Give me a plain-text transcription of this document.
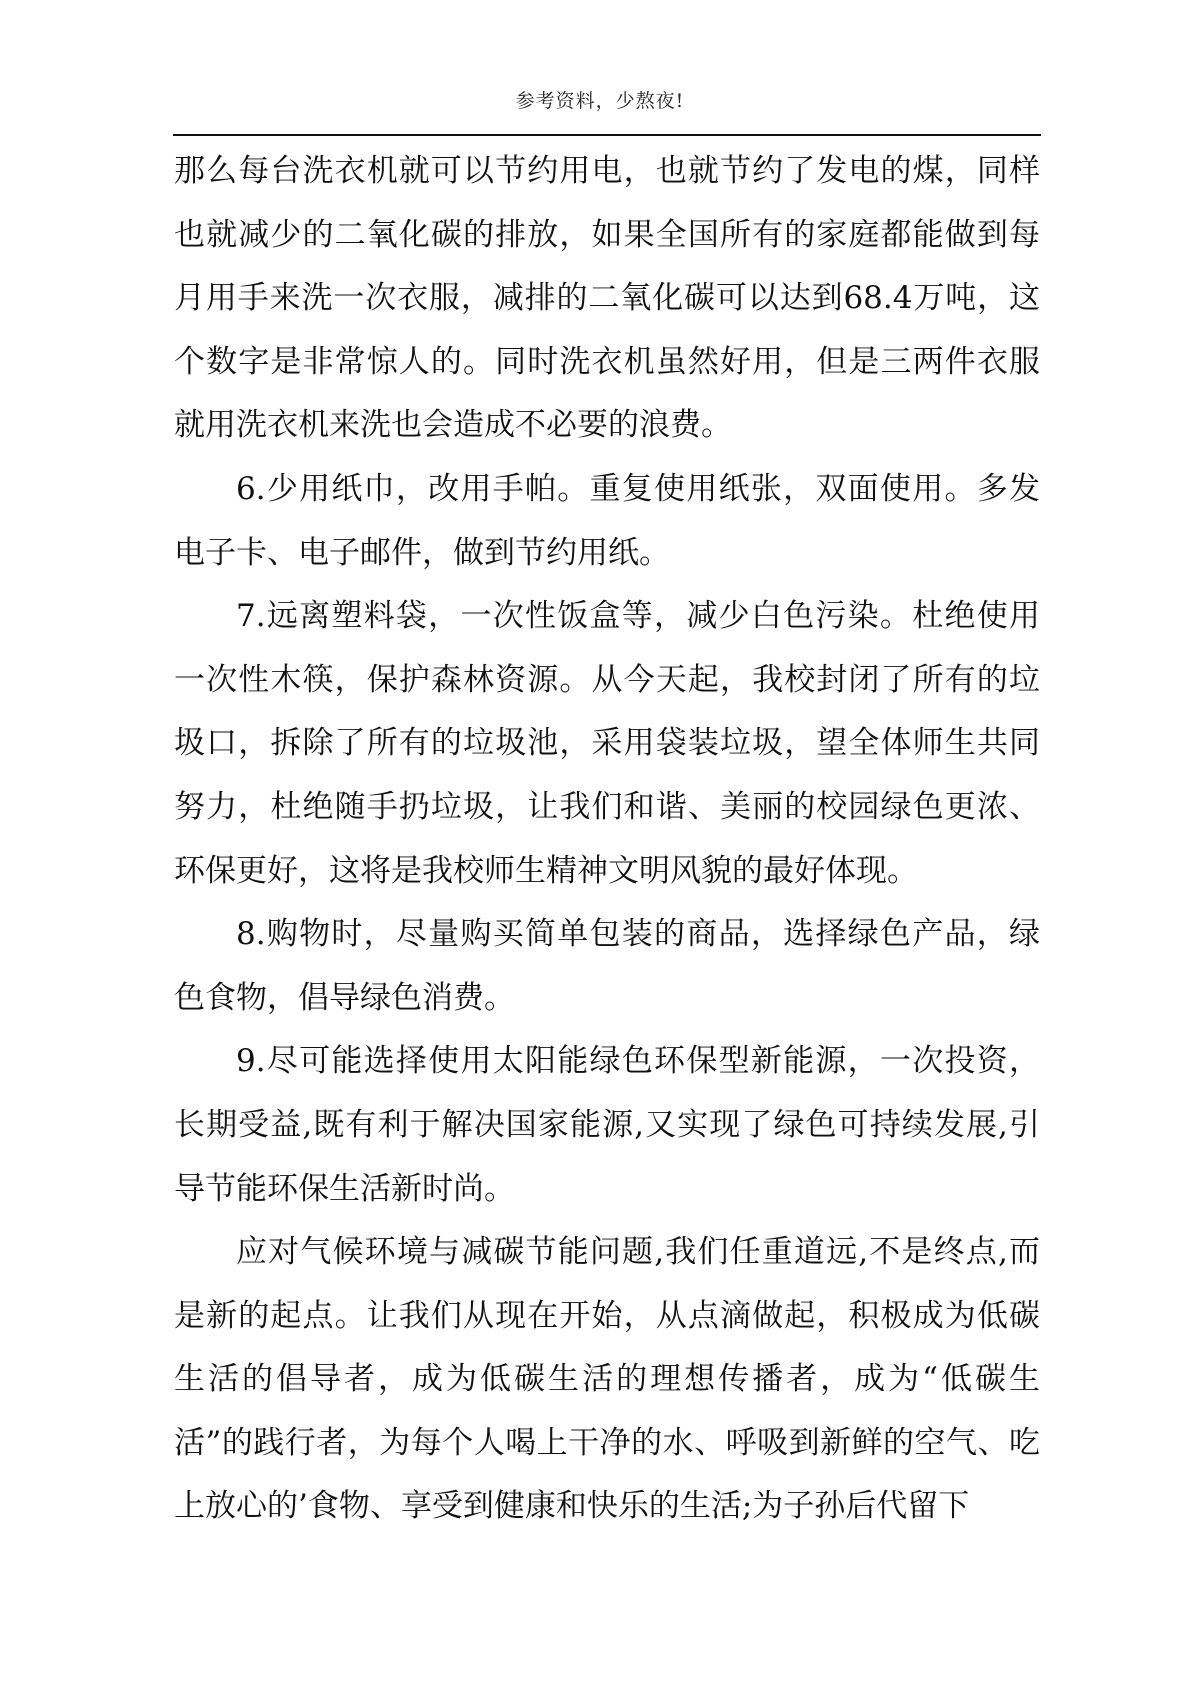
参考资料，少熬夜!

那么每台洗衣机就可以节约用电，也就节约了发电的煤，同样也就减少的二氧化碳的排放，如果全国所有的家庭都能做到每月用手来洗一次衣服，减排的二氧化碳可以达到68.4万吨，这个数字是非常惊人的。同时洗衣机虽然好用，但是三两件衣服就用洗衣机来洗也会造成不必要的浪费。

6.少用纸巾，改用手帕。重复使用纸张，双面使用。多发电子卡、电子邮件，做到节约用纸。

7.远离塑料袋，一次性饭盒等，减少白色污染。杜绝使用一次性木筷，保护森林资源。从今天起，我校封闭了所有的垃圾口，拆除了所有的垃圾池，采用袋装垃圾，望全体师生共同努力，杜绝随手扔垃圾，让我们和谐、美丽的校园绿色更浓、环保更好，这将是我校师生精神文明风貌的最好体现。

8.购物时，尽量购买简单包装的商品，选择绿色产品，绿色食物，倡导绿色消费。

9.尽可能选择使用太阳能绿色环保型新能源，一次投资，长期受益,既有利于解决国家能源,又实现了绿色可持续发展,引导节能环保生活新时尚。

应对气候环境与减碳节能问题,我们任重道远,不是终点,而是新的起点。让我们从现在开始，从点滴做起，积极成为低碳生活的倡导者，成为低碳生活的理想传播者，成为“低碳生活”的践行者，为每个人喝上干净的水、呼吸到新鲜的空气、吃上放心的’食物、享受到健康和快乐的生活;为子孙后代留下
